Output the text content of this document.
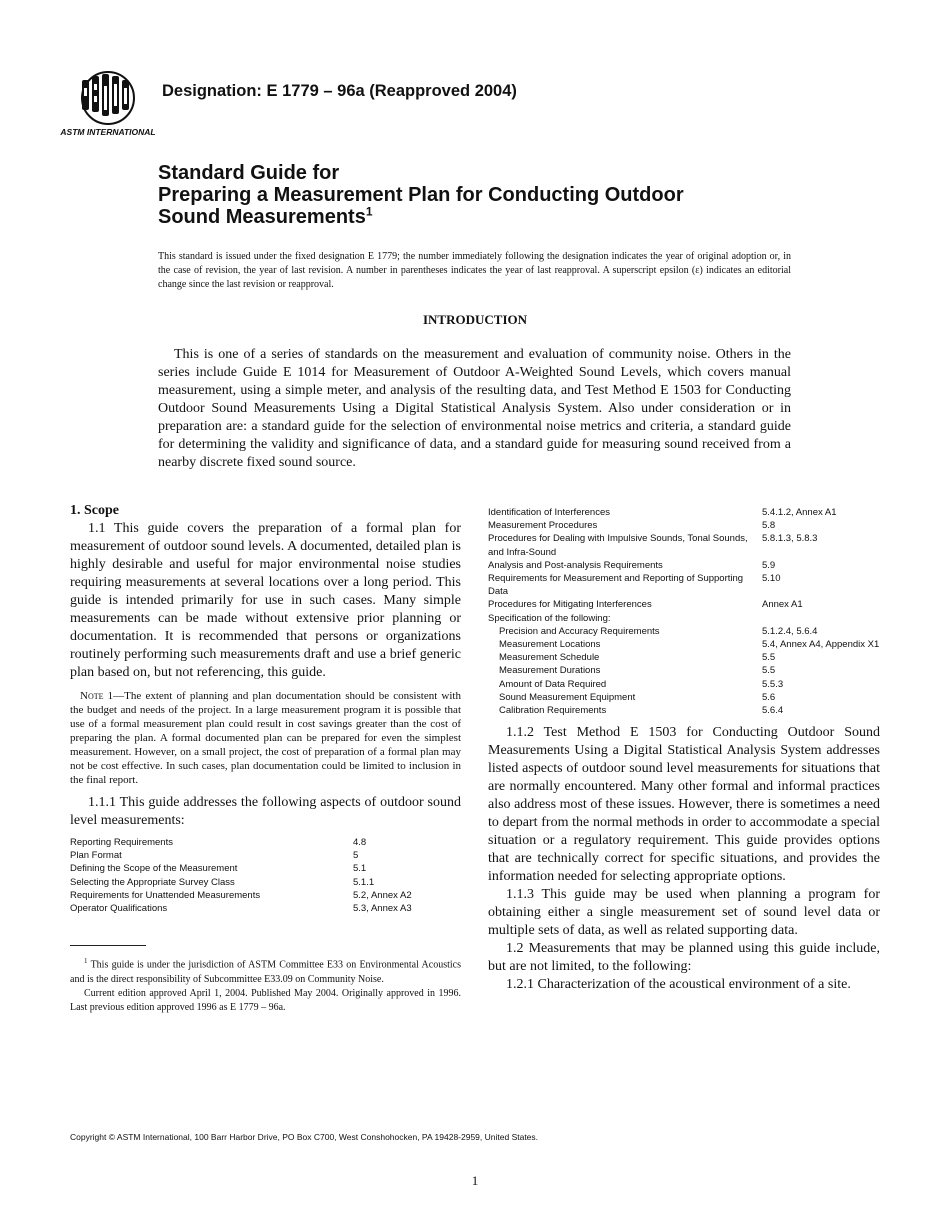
ASTM INTERNATIONAL
Designation: E 1779 – 96a (Reapproved 2004)
Standard Guide for
Preparing a Measurement Plan for Conducting Outdoor
Sound Measurements$^1$
This standard is issued under the fixed designation E 1779; the number immediately following the designation indicates the year of original adoption or, in the case of revision, the year of last revision. A number in parentheses indicates the year of last reapproval. A superscript epsilon (ε) indicates an editorial change since the last revision or reapproval.
INTRODUCTION
This is one of a series of standards on the measurement and evaluation of community noise. Others in the series include Guide E 1014 for Measurement of Outdoor A-Weighted Sound Levels, which covers manual measurement, using a simple meter, and analysis of the resulting data, and Test Method E 1503 for Conducting Outdoor Sound Measurements Using a Digital Statistical Analysis System. Also under consideration or in preparation are: a standard guide for the selection of environmental noise metrics and criteria, a standard guide for determining the validity and significance of data, and a standard guide for measuring sound received from a nearby discrete fixed sound source.
1. Scope

1.1 This guide covers the preparation of a formal plan for measurement of outdoor sound levels. A documented, detailed plan is highly desirable and useful for major environmental noise studies requiring measurements at several locations over a long period. This guide is intended primarily for use in such cases. Many simple measurements can be made without extensive prior planning or documentation. It is recommended that persons or organizations routinely performing such measurements draft and use a brief generic plan based on, but not referencing, this guide.

Note 1—The extent of planning and plan documentation should be consistent with the budget and needs of the project. In a large measurement program it is possible that use of a formal measurement plan could result in cost savings greater than the cost of preparing the plan. A formal documented plan can be prepared for even the simplest measurement. However, on a small project, the cost of preparation of a formal plan may not be cost effective. In such cases, plan documentation could be limited to inclusion in the final report.

1.1.1 This guide addresses the following aspects of outdoor sound level measurements:

Reporting Requirements	4.8
Plan Format	5
Defining the Scope of the Measurement	5.1
Selecting the Appropriate Survey Class	5.1.1
Requirements for Unattended Measurements	5.2, Annex A2
Operator Qualifications	5.3, Annex A3

$^1$ This guide is under the jurisdiction of ASTM Committee E33 on Environmental Acoustics and is the direct responsibility of Subcommittee E33.09 on Community Noise.

Current edition approved April 1, 2004. Published May 2004. Originally approved in 1996. Last previous edition approved 1996 as E 1779 – 96a.

Identification of Interferences	5.4.1.2, Annex A1
Measurement Procedures	5.8
Procedures for Dealing with Impulsive Sounds, Tonal Sounds, and Infra-Sound	5.8.1.3, 5.8.3
Analysis and Post-analysis Requirements	5.9
Requirements for Measurement and Reporting of Supporting Data	5.10
Procedures for Mitigating Interferences	Annex A1
Specification of the following:	
Precision and Accuracy Requirements	5.1.2.4, 5.6.4
Measurement Locations	5.4, Annex A4, Appendix X1
Measurement Schedule	5.5
Measurement Durations	5.5
Amount of Data Required	5.5.3
Sound Measurement Equipment	5.6
Calibration Requirements	5.6.4

1.1.2 Test Method E 1503 for Conducting Outdoor Sound Measurements Using a Digital Statistical Analysis System addresses listed aspects of outdoor sound level measurements for situations that are normally encountered. Many other formal and informal practices also address most of these issues. However, there is sometimes a need to depart from the normal methods in order to accommodate a special situation or a regulatory requirement. This guide provides options that are technically correct for specific situations, and provides the information needed for selecting appropriate options.

1.1.3 This guide may be used when planning a program for obtaining either a single measurement set of sound level data or multiple sets of data, as well as related supporting data.

1.2 Measurements that may be planned using this guide include, but are not limited, to the following:

1.2.1 Characterization of the acoustical environment of a site.

Copyright © ASTM International, 100 Barr Harbor Drive, PO Box C700, West Conshohocken, PA 19428-2959, United States.
1
